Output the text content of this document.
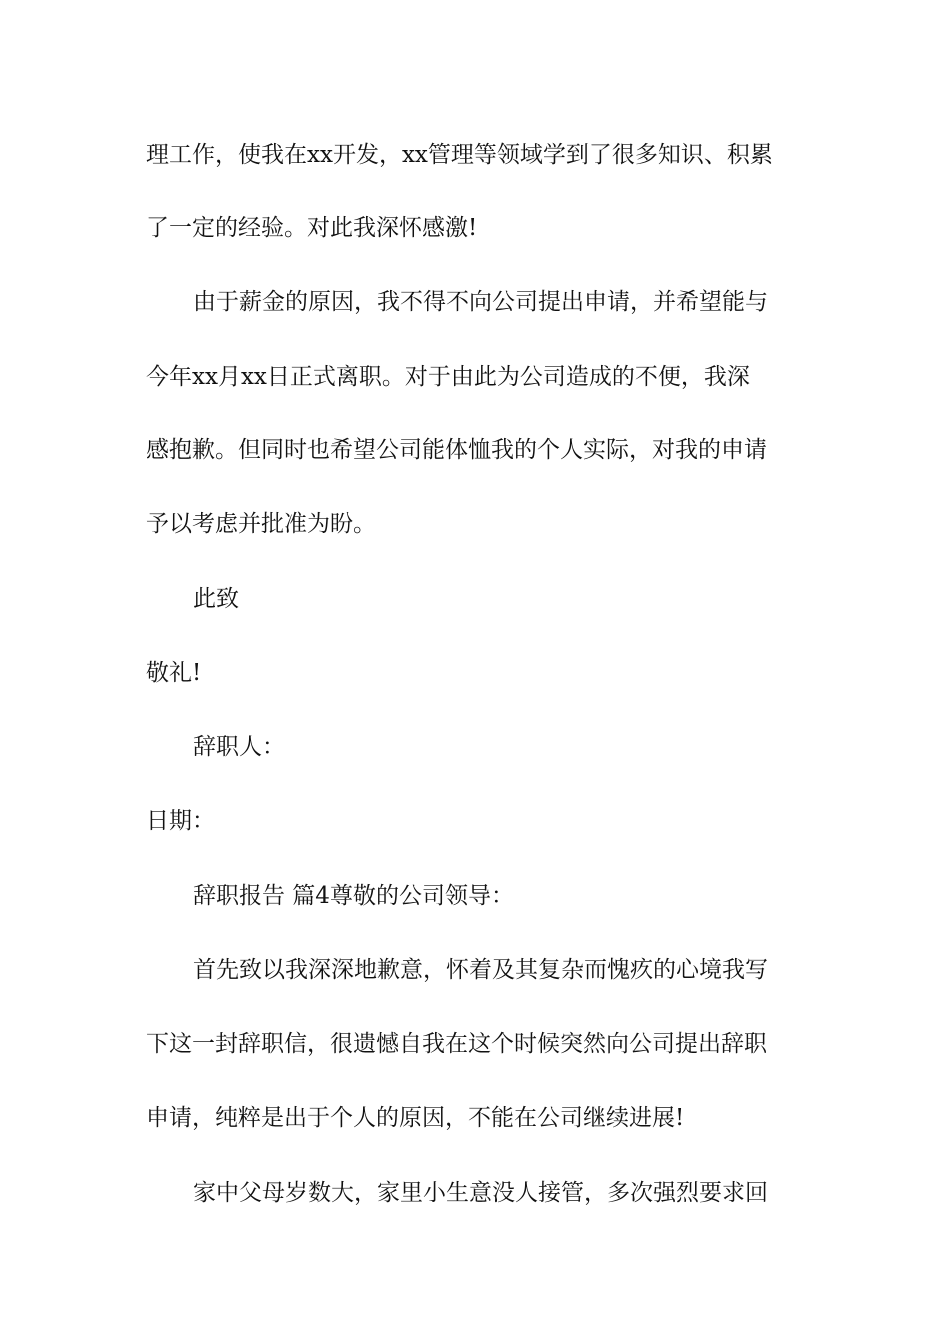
理工作，使我在xx开发，xx管理等领域学到了很多知识、积累
了一定的经验。对此我深怀感激!
由于薪金的原因，我不得不向公司提出申请，并希望能与
今年xx月xx日正式离职。对于由此为公司造成的不便，我深
感抱歉。但同时也希望公司能体恤我的个人实际，对我的申请
予以考虑并批准为盼。
此致
敬礼!
辞职人：
日期：
辞职报告 篇4尊敬的公司领导：
首先致以我深深地歉意，怀着及其复杂而愧疚的心境我写
下这一封辞职信，很遗憾自我在这个时候突然向公司提出辞职
申请，纯粹是出于个人的原因，不能在公司继续进展!
家中父母岁数大，家里小生意没人接管，多次强烈要求回
